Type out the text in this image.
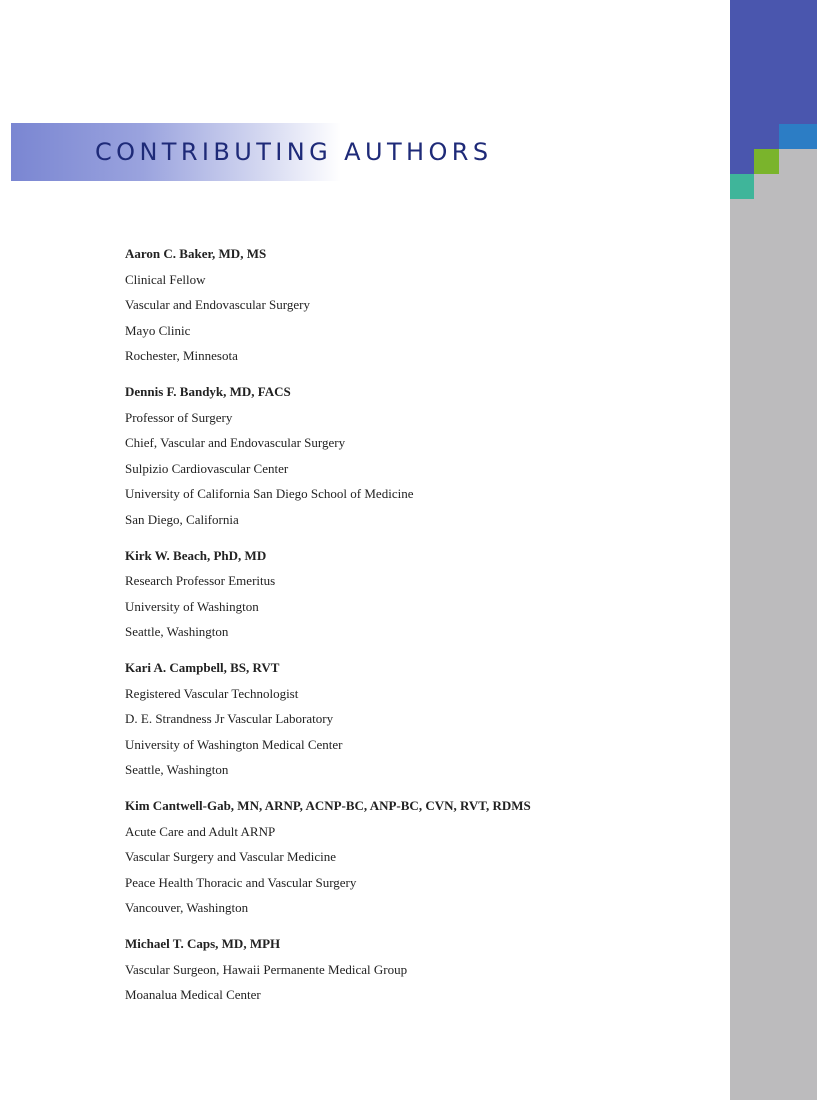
CONTRIBUTING AUTHORS
Aaron C. Baker, MD, MS
Clinical Fellow
Vascular and Endovascular Surgery
Mayo Clinic
Rochester, Minnesota
Dennis F. Bandyk, MD, FACS
Professor of Surgery
Chief, Vascular and Endovascular Surgery
Sulpizio Cardiovascular Center
University of California San Diego School of Medicine
San Diego, California
Kirk W. Beach, PhD, MD
Research Professor Emeritus
University of Washington
Seattle, Washington
Kari A. Campbell, BS, RVT
Registered Vascular Technologist
D. E. Strandness Jr Vascular Laboratory
University of Washington Medical Center
Seattle, Washington
Kim Cantwell-Gab, MN, ARNP, ACNP-BC, ANP-BC, CVN, RVT, RDMS
Acute Care and Adult ARNP
Vascular Surgery and Vascular Medicine
Peace Health Thoracic and Vascular Surgery
Vancouver, Washington
Michael T. Caps, MD, MPH
Vascular Surgeon, Hawaii Permanente Medical Group
Moanalua Medical Center
